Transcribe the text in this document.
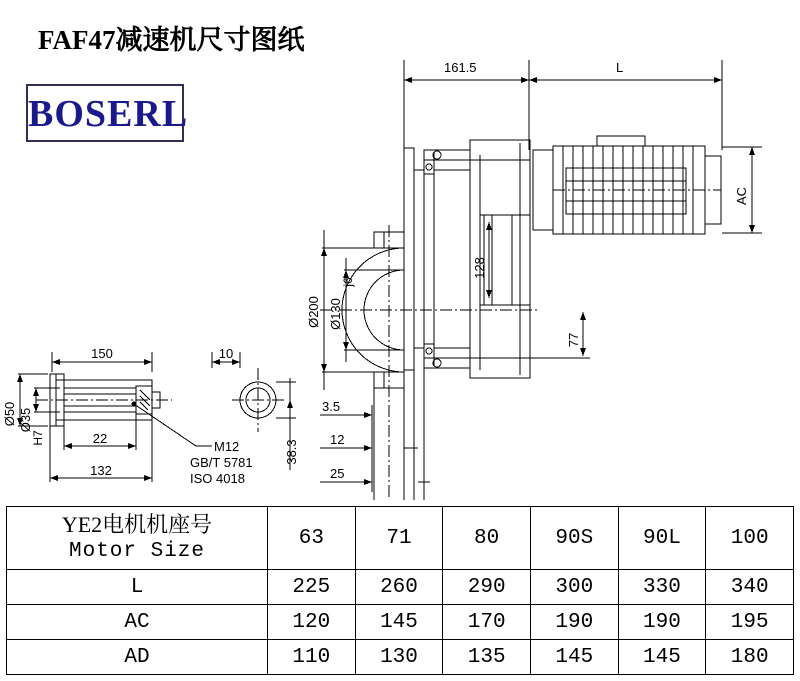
FAF47减速机尺寸图纸
BOSERL
161.5	L
AC
128
Ø200 Ø130
j6
77
3.5
12
25
150	10
22
132
Ø50 Ø35
H7
38.3
M12
GB/T 5781
ISO 4018
YE2电机机座号
Motor Size	63	71	80	90S	90L	100
L	225	260	290	300	330	340
AC	120	145	170	190	190	195
AD	110	130	135	145	145	180
